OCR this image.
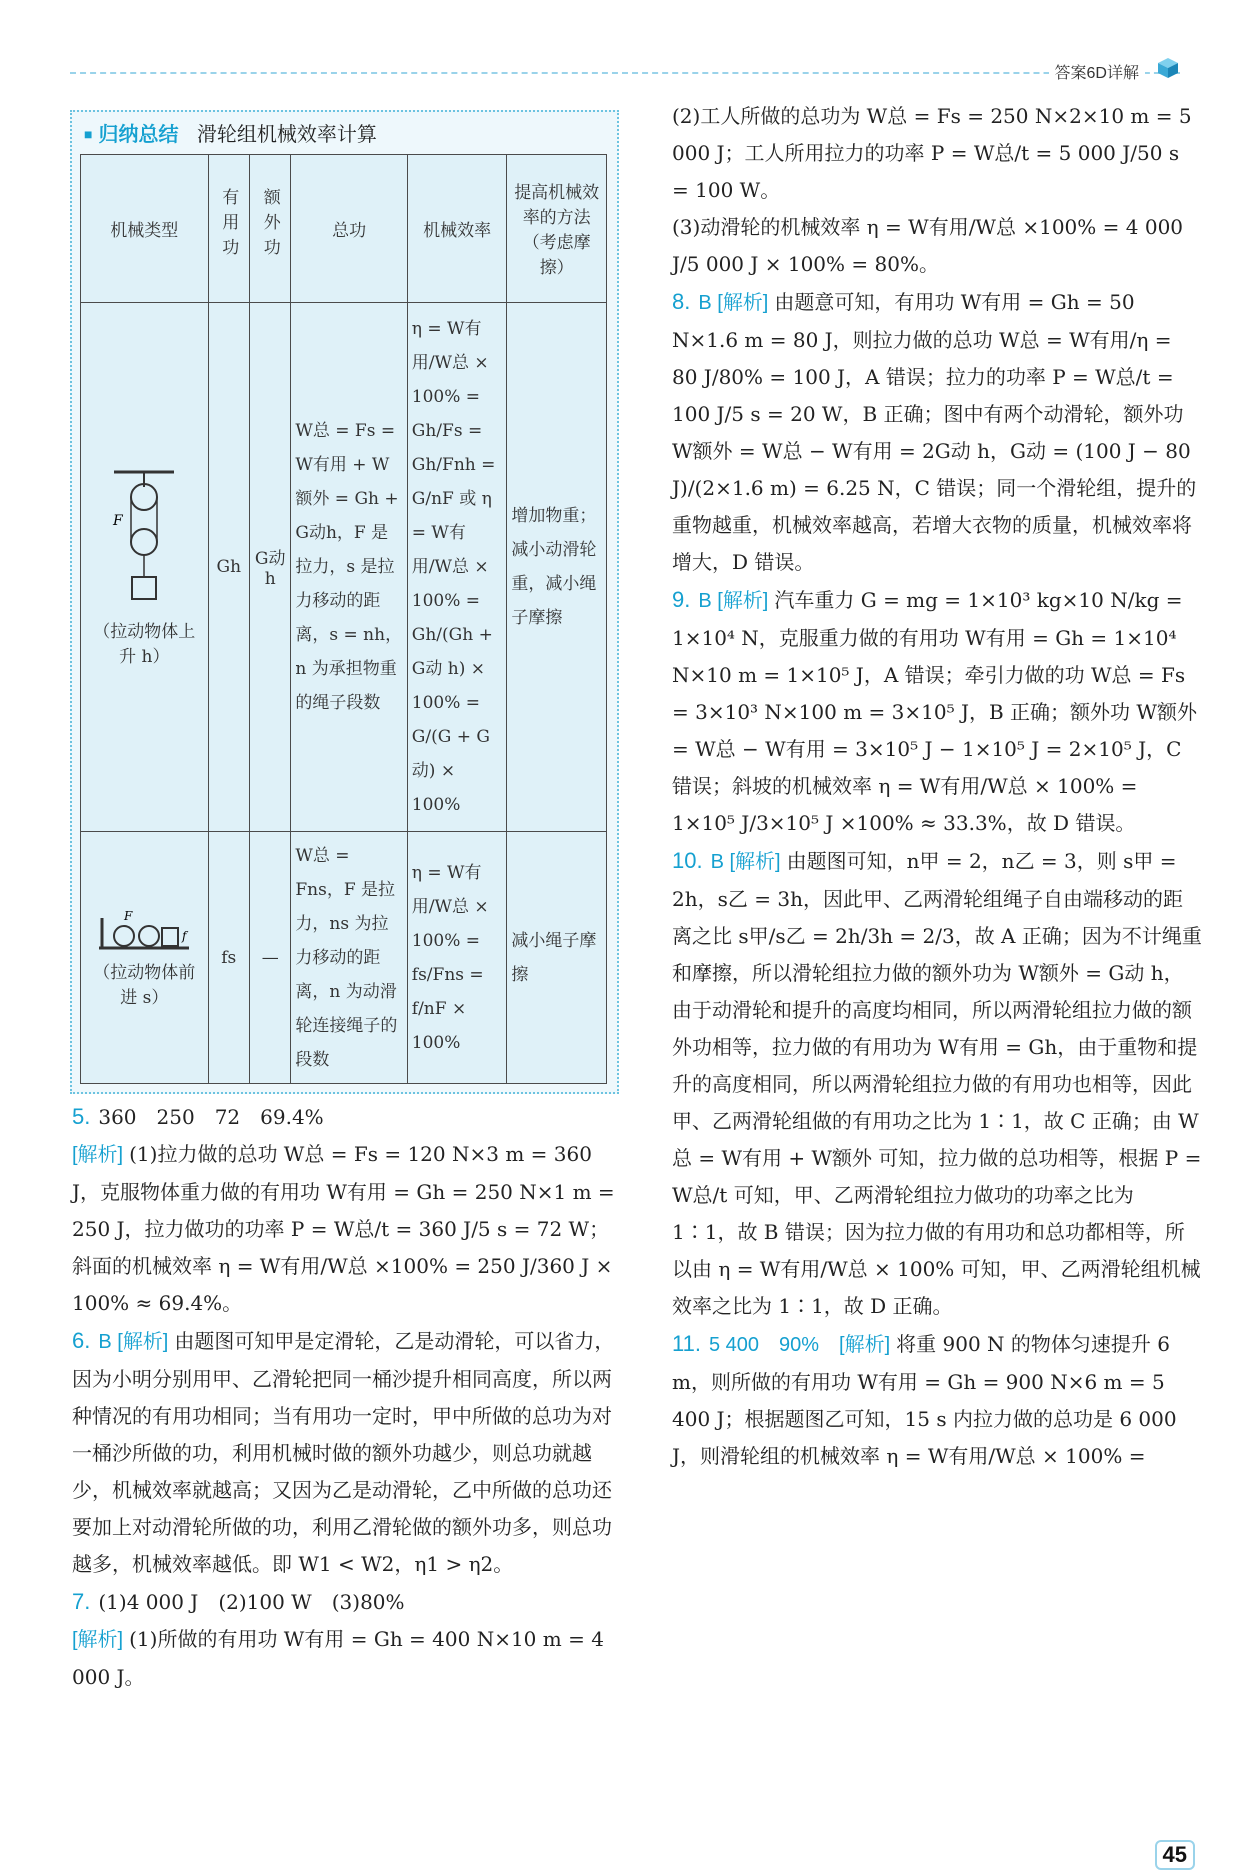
答案6D详解
■ 归纳总结 滑轮组机械效率计算
机械类型	有用功	额外功	总功	机械效率	提高机械效率的方法（考虑摩擦）

F
（拉动物体上升 h）	Gh	G动 h	W总 = Fs = W有用 + W额外 = Gh + G动h，F 是拉力，s 是拉力移动的距离，s = nh，n 为承担物重的绳子段数	η = W有用/W总 × 100% = Gh/Fs = Gh/Fnh = G/nF 或 η = W有用/W总 × 100% = Gh/(Gh + G动 h) × 100% = G/(G + G动) × 100%	增加物重；减小动滑轮重，减小绳子摩擦

F
f
（拉动物体前进 s）	fs	—	W总 = Fns，F 是拉力，ns 为拉力移动的距离，n 为动滑轮连接绳子的段数	η = W有用/W总 × 100% = fs/Fns = f/nF × 100%	减小绳子摩擦

5. 360　250　72　69.4%

[解析] (1)拉力做的总功 W总 = Fs = 120 N×3 m = 360 J，克服物体重力做的有用功 W有用 = Gh = 250 N×1 m = 250 J，拉力做功的功率 P = W总/t = 360 J/5 s = 72 W；斜面的机械效率 η = W有用/W总 ×100% = 250 J/360 J × 100% ≈ 69.4%。

6. B [解析] 由题图可知甲是定滑轮，乙是动滑轮，可以省力，因为小明分别用甲、乙滑轮把同一桶沙提升相同高度，所以两种情况的有用功相同；当有用功一定时，甲中所做的总功为对一桶沙所做的功，利用机械时做的额外功越少，则总功就越少，机械效率就越高；又因为乙是动滑轮，乙中所做的总功还要加上对动滑轮所做的功，利用乙滑轮做的额外功多，则总功越多，机械效率越低。即 W1 < W2，η1 > η2。

7. (1)4 000 J　(2)100 W　(3)80%

[解析] (1)所做的有用功 W有用 = Gh = 400 N×10 m = 4 000 J。

(2)工人所做的总功为 W总 = Fs = 250 N×2×10 m = 5 000 J；工人所用拉力的功率 P = W总/t = 5 000 J/50 s = 100 W。

(3)动滑轮的机械效率 η = W有用/W总 ×100% = 4 000 J/5 000 J × 100% = 80%。

8. B [解析] 由题意可知，有用功 W有用 = Gh = 50 N×1.6 m = 80 J，则拉力做的总功 W总 = W有用/η = 80 J/80% = 100 J，A 错误；拉力的功率 P = W总/t = 100 J/5 s = 20 W，B 正确；图中有两个动滑轮，额外功 W额外 = W总 − W有用 = 2G动 h，G动 = (100 J − 80 J)/(2×1.6 m) = 6.25 N，C 错误；同一个滑轮组，提升的重物越重，机械效率越高，若增大衣物的质量，机械效率将增大，D 错误。

9. B [解析] 汽车重力 G = mg = 1×10³ kg×10 N/kg = 1×10⁴ N，克服重力做的有用功 W有用 = Gh = 1×10⁴ N×10 m = 1×10⁵ J，A 错误；牵引力做的功 W总 = Fs = 3×10³ N×100 m = 3×10⁵ J，B 正确；额外功 W额外 = W总 − W有用 = 3×10⁵ J − 1×10⁵ J = 2×10⁵ J，C 错误；斜坡的机械效率 η = W有用/W总 × 100% = 1×10⁵ J/3×10⁵ J ×100% ≈ 33.3%，故 D 错误。

10. B [解析] 由题图可知，n甲 = 2，n乙 = 3，则 s甲 = 2h，s乙 = 3h，因此甲、乙两滑轮组绳子自由端移动的距离之比 s甲/s乙 = 2h/3h = 2/3，故 A 正确；因为不计绳重和摩擦，所以滑轮组拉力做的额外功为 W额外 = G动 h，由于动滑轮和提升的高度均相同，所以两滑轮组拉力做的额外功相等，拉力做的有用功为 W有用 = Gh，由于重物和提升的高度相同，所以两滑轮组拉力做的有用功也相等，因此甲、乙两滑轮组做的有用功之比为 1∶1，故 C 正确；由 W总 = W有用 + W额外 可知，拉力做的总功相等，根据 P = W总/t 可知，甲、乙两滑轮组拉力做功的功率之比为 1∶1，故 B 错误；因为拉力做的有用功和总功都相等，所以由 η = W有用/W总 × 100% 可知，甲、乙两滑轮组机械效率之比为 1∶1，故 D 正确。

11. 5 400　90%　[解析] 将重 900 N 的物体匀速提升 6 m，则所做的有用功 W有用 = Gh = 900 N×6 m = 5 400 J；根据题图乙可知，15 s 内拉力做的总功是 6 000 J，则滑轮组的机械效率 η = W有用/W总 × 100% =

45
